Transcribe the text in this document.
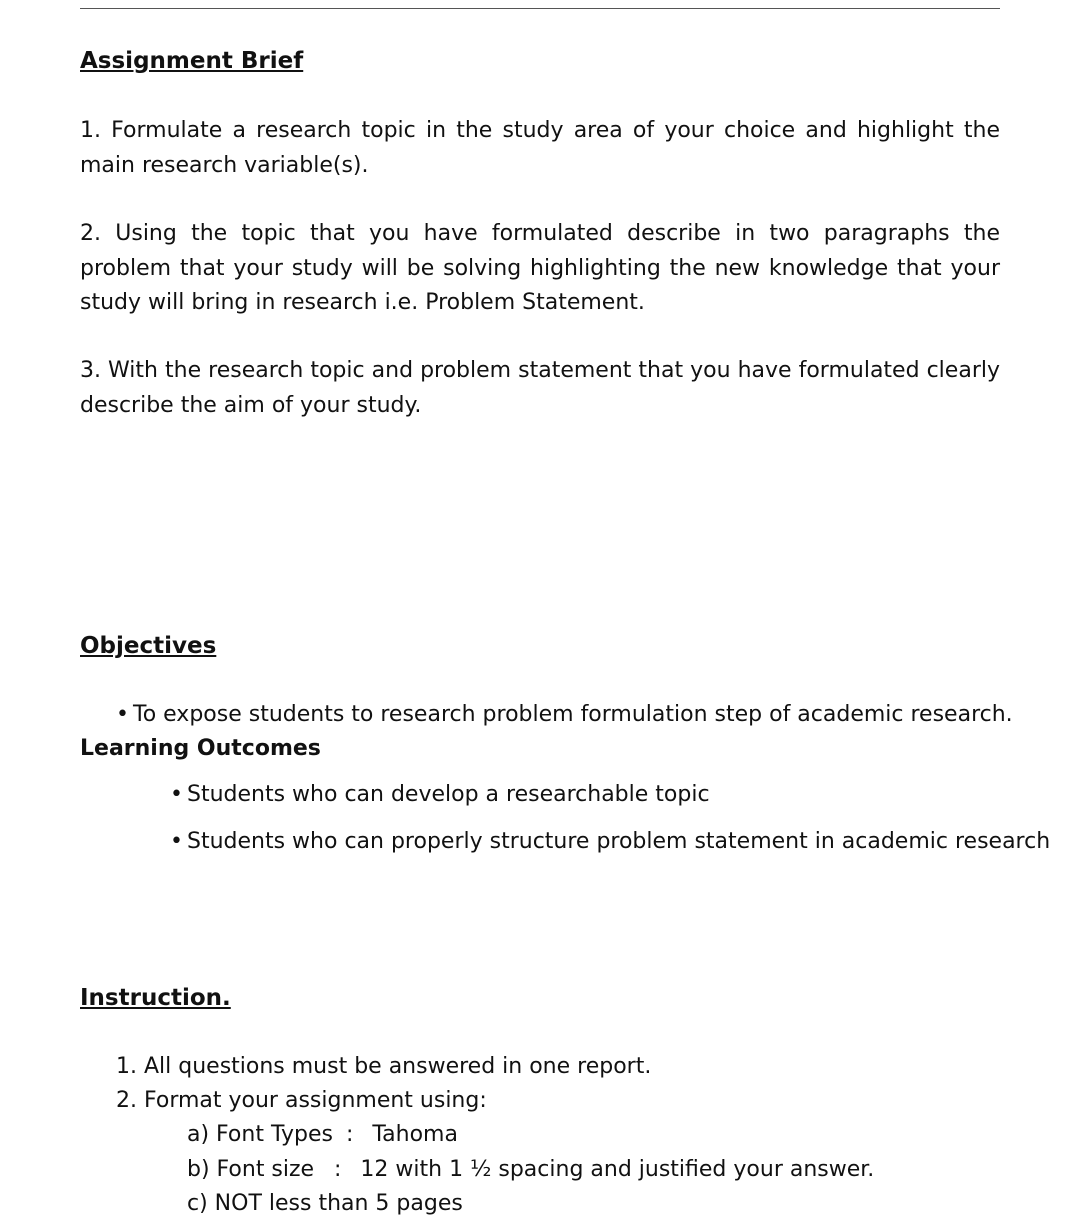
Assignment Brief

1. Formulate a research topic in the study area of your choice and highlight the main research variable(s).

2. Using the topic that you have formulated describe in two paragraphs the problem that your study will be solving highlighting the new knowledge that your study will bring in research i.e. Problem Statement.

3. With the research topic and problem statement that you have formulated clearly describe the aim of your study.

Objectives
• To expose students to research problem formulation step of academic research.
Learning Outcomes
• Students who can develop a researchable topic
• Students who can properly structure problem statement in academic research
Instruction.
1. All questions must be answered in one report.
2. Format your assignment using:
a) Font Types : Tahoma
b) Font size : 12 with 1 ½ spacing and justified your answer.
c) NOT less than 5 pages
